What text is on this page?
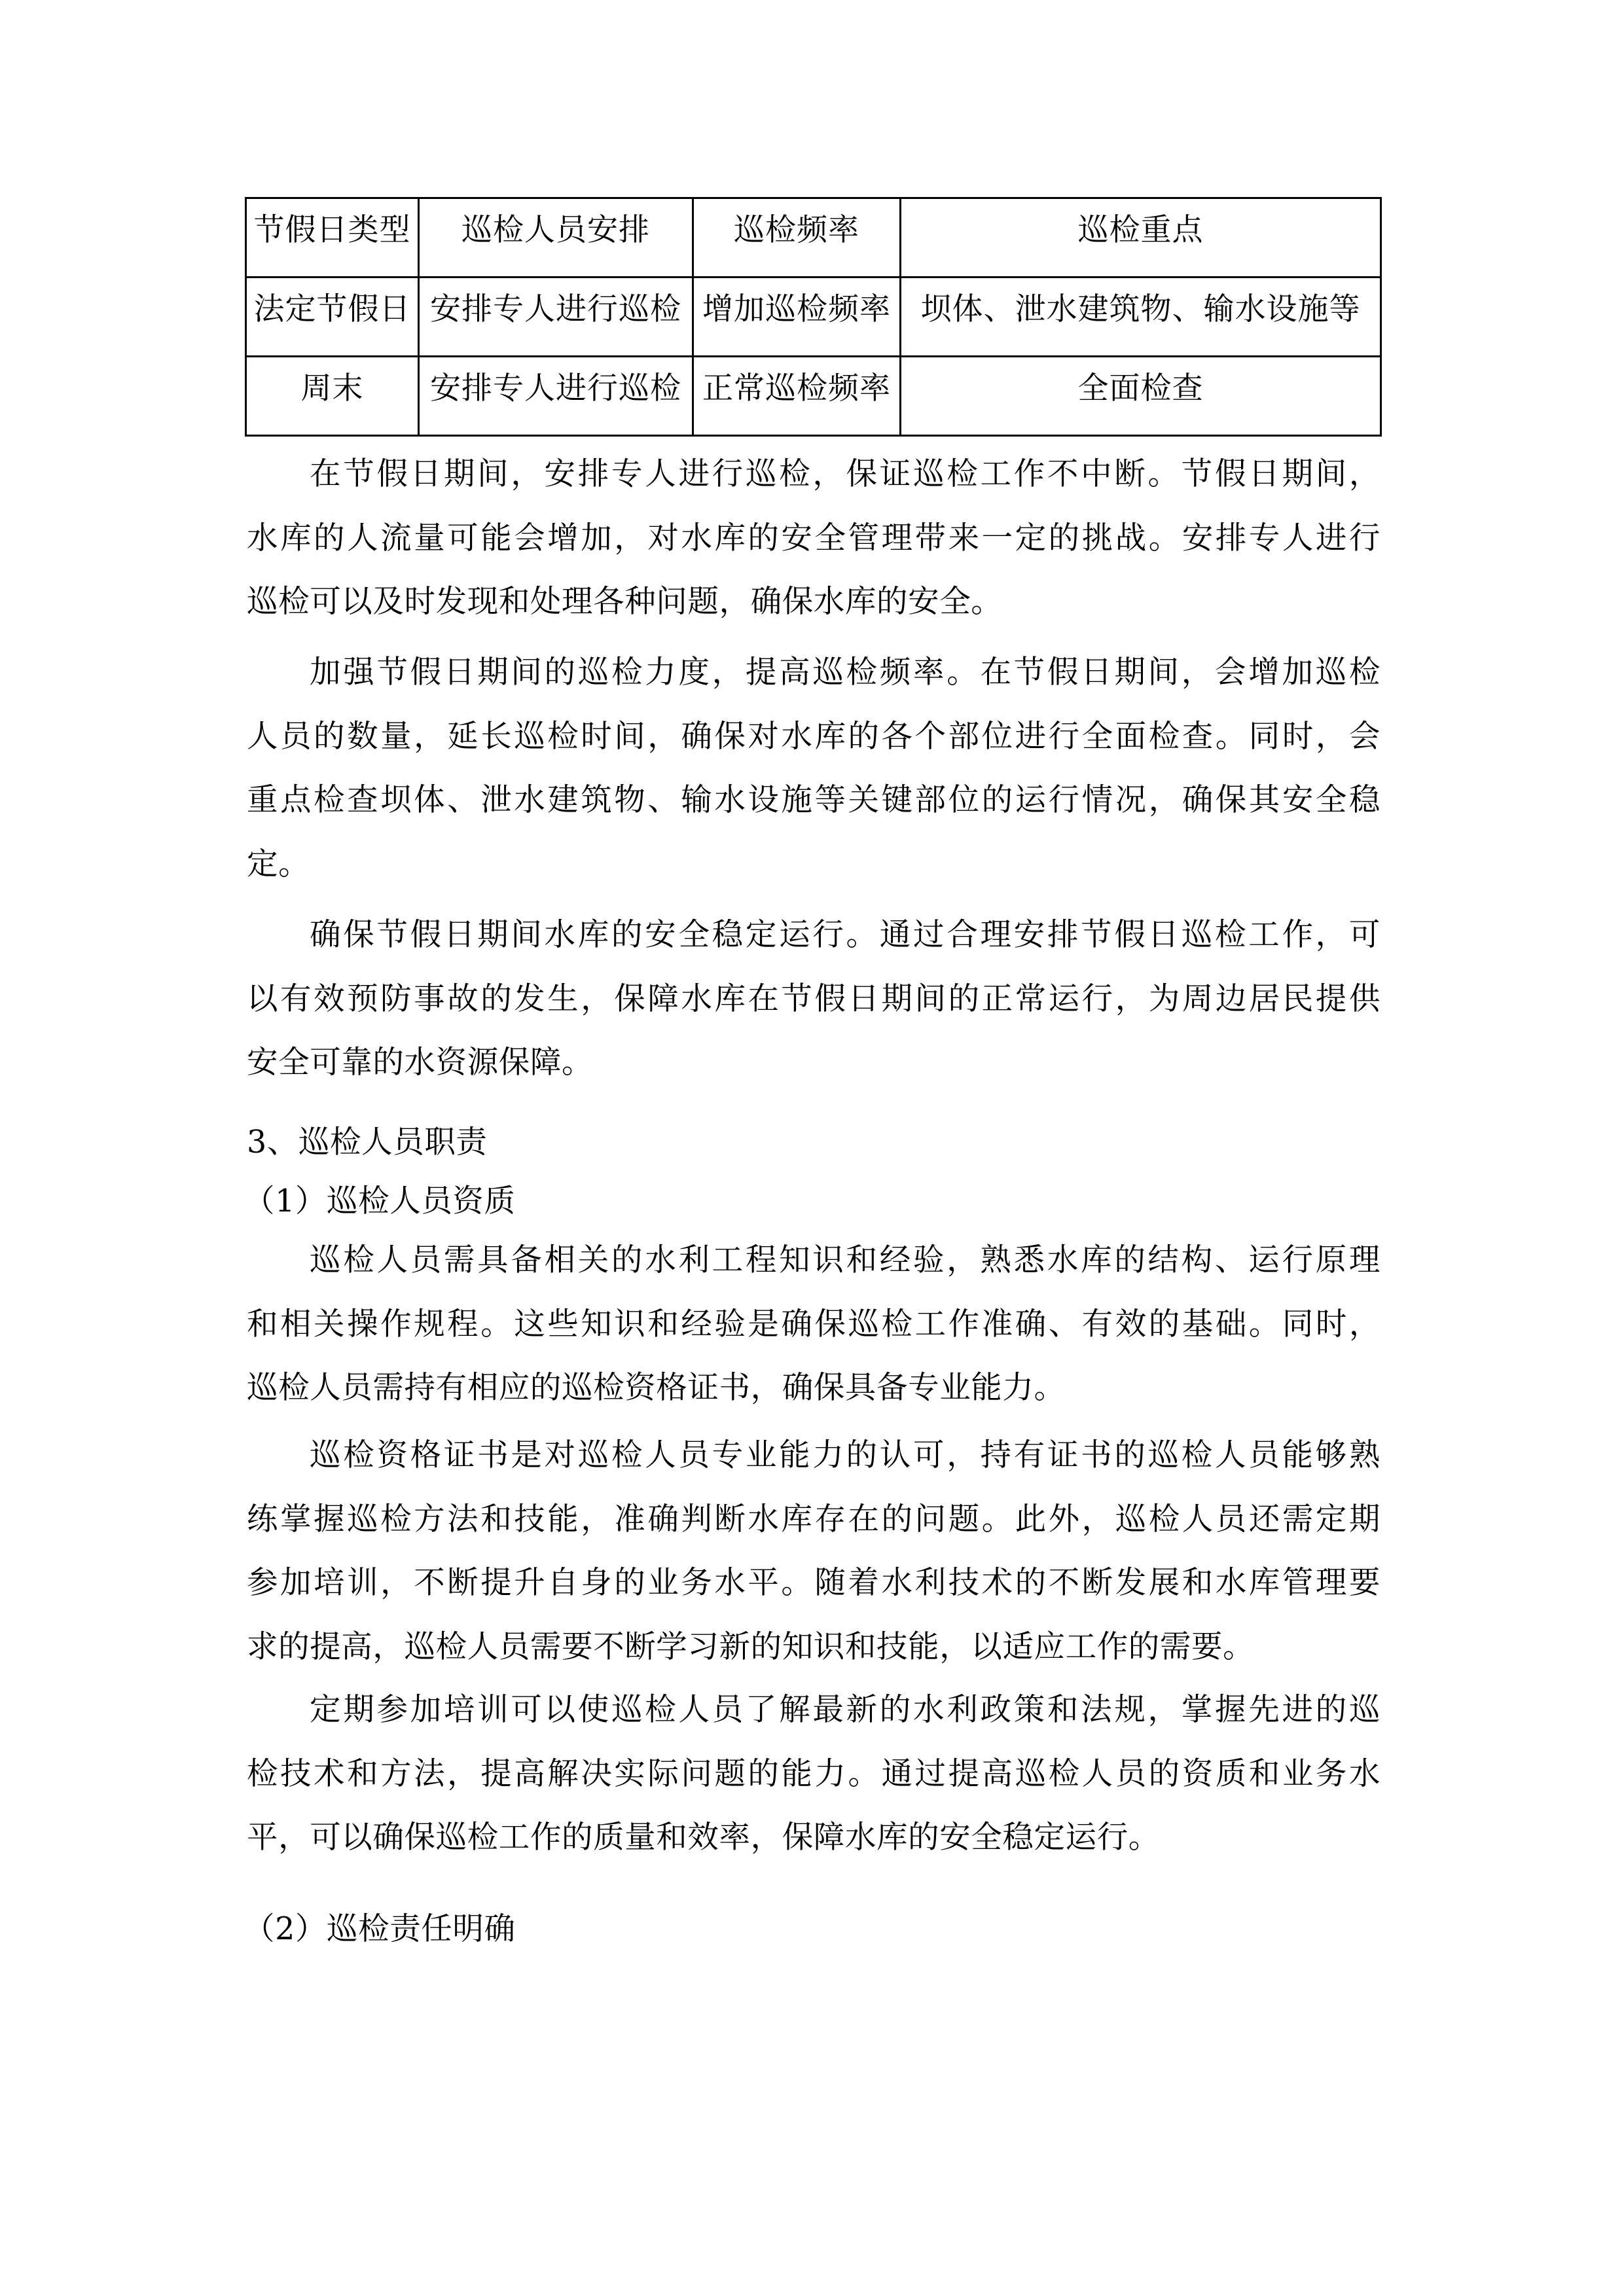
节假日类型	巡检人员安排	巡检频率	巡检重点

法定节假日	安排专人进行巡检	增加巡检频率	坝体、泄水建筑物、输水设施等

周末	安排专人进行巡检	正常巡检频率	全面检查
在节假日期间，安排专人进行巡检，保证巡检工作不中断。节假日期间，
水库的人流量可能会增加，对水库的安全管理带来一定的挑战。安排专人进行
巡检可以及时发现和处理各种问题，确保水库的安全。
加强节假日期间的巡检力度，提高巡检频率。在节假日期间，会增加巡检
人员的数量，延长巡检时间，确保对水库的各个部位进行全面检查。同时，会
重点检查坝体、泄水建筑物、输水设施等关键部位的运行情况，确保其安全稳
定。
确保节假日期间水库的安全稳定运行。通过合理安排节假日巡检工作，可
以有效预防事故的发生，保障水库在节假日期间的正常运行，为周边居民提供
安全可靠的水资源保障。
3、巡检人员职责
（1）巡检人员资质
巡检人员需具备相关的水利工程知识和经验，熟悉水库的结构、运行原理
和相关操作规程。这些知识和经验是确保巡检工作准确、有效的基础。同时，
巡检人员需持有相应的巡检资格证书，确保具备专业能力。
巡检资格证书是对巡检人员专业能力的认可，持有证书的巡检人员能够熟
练掌握巡检方法和技能，准确判断水库存在的问题。此外，巡检人员还需定期
参加培训，不断提升自身的业务水平。随着水利技术的不断发展和水库管理要
求的提高，巡检人员需要不断学习新的知识和技能，以适应工作的需要。
定期参加培训可以使巡检人员了解最新的水利政策和法规，掌握先进的巡
检技术和方法，提高解决实际问题的能力。通过提高巡检人员的资质和业务水
平，可以确保巡检工作的质量和效率，保障水库的安全稳定运行。
（2）巡检责任明确
